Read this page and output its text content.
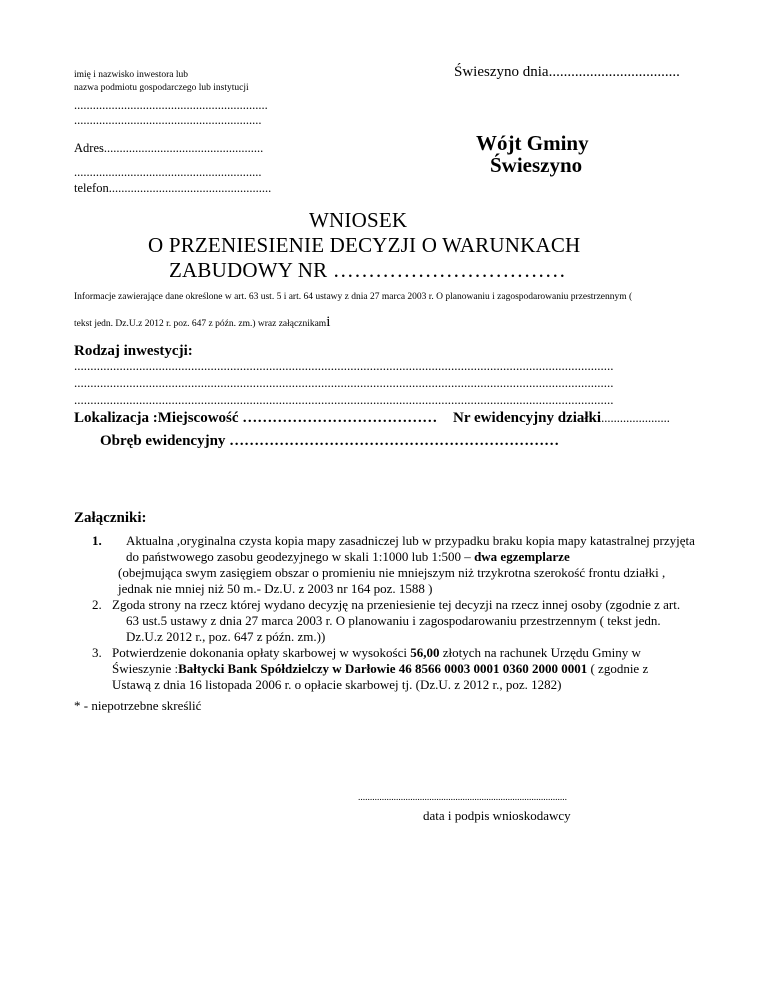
imię i nazwisko inwestora lub
nazwa podmiotu gospodarczego lub instytucji
..............................................................
............................................................
Adres...................................................
............................................................
telefon....................................................
Świeszyno dnia...................................
Wójt Gminy
Świeszyno
WNIOSEK
O PRZENIESIENIE DECYZJI O WARUNKACH
ZABUDOWY NR ……………………………
Informacje zawierające dane określone w art. 63 ust. 5 i art. 64 ustawy z dnia 27 marca 2003 r. O planowaniu i zagospodarowaniu przestrzennym (
tekst jedn. Dz.U.z 2012 r. poz. 647 z późn. zm.) wraz załącznikami
Rodzaj inwestycji:
......................................................................................................................................................................
......................................................................................................................................................................
......................................................................................................................................................................
Lokalizacja :Miejscowość ………………………………… Nr ewidencyjny działki......................
Obręb ewidencyjny …………………………………………………………
Załączniki:
1.	Aktualna ,oryginalna czysta kopia mapy zasadniczej lub w przypadku braku kopia mapy katastralnej przyjęta
do państwowego zasobu geodezyjnego w skali 1:1000 lub 1:500 – dwa egzemplarze
(obejmująca swym zasięgiem obszar o promieniu nie mniejszym niż trzykrotna szerokość frontu działki ,
jednak nie mniej niż 50 m.- Dz.U. z 2003 nr 164 poz. 1588 )
2. Zgoda strony na rzecz której wydano decyzję na przeniesienie tej decyzji na rzecz innej osoby (zgodnie z art.
63 ust.5 ustawy z dnia 27 marca 2003 r. O planowaniu i zagospodarowaniu przestrzennym ( tekst jedn.
Dz.U.z 2012 r., poz. 647 z późn. zm.))
3. Potwierdzenie dokonania opłaty skarbowej w wysokości 56,00 złotych na rachunek Urzędu Gminy w
Świeszynie :Bałtycki Bank Spółdzielczy w Darłowie 46 8566 0003 0001 0360 2000 0001 ( zgodnie z
Ustawą z dnia 16 listopada 2006 r. o opłacie skarbowej tj. (Dz.U. z 2012 r., poz. 1282)
* - niepotrzebne skreślić
........................................................................................
data i podpis wnioskodawcy
